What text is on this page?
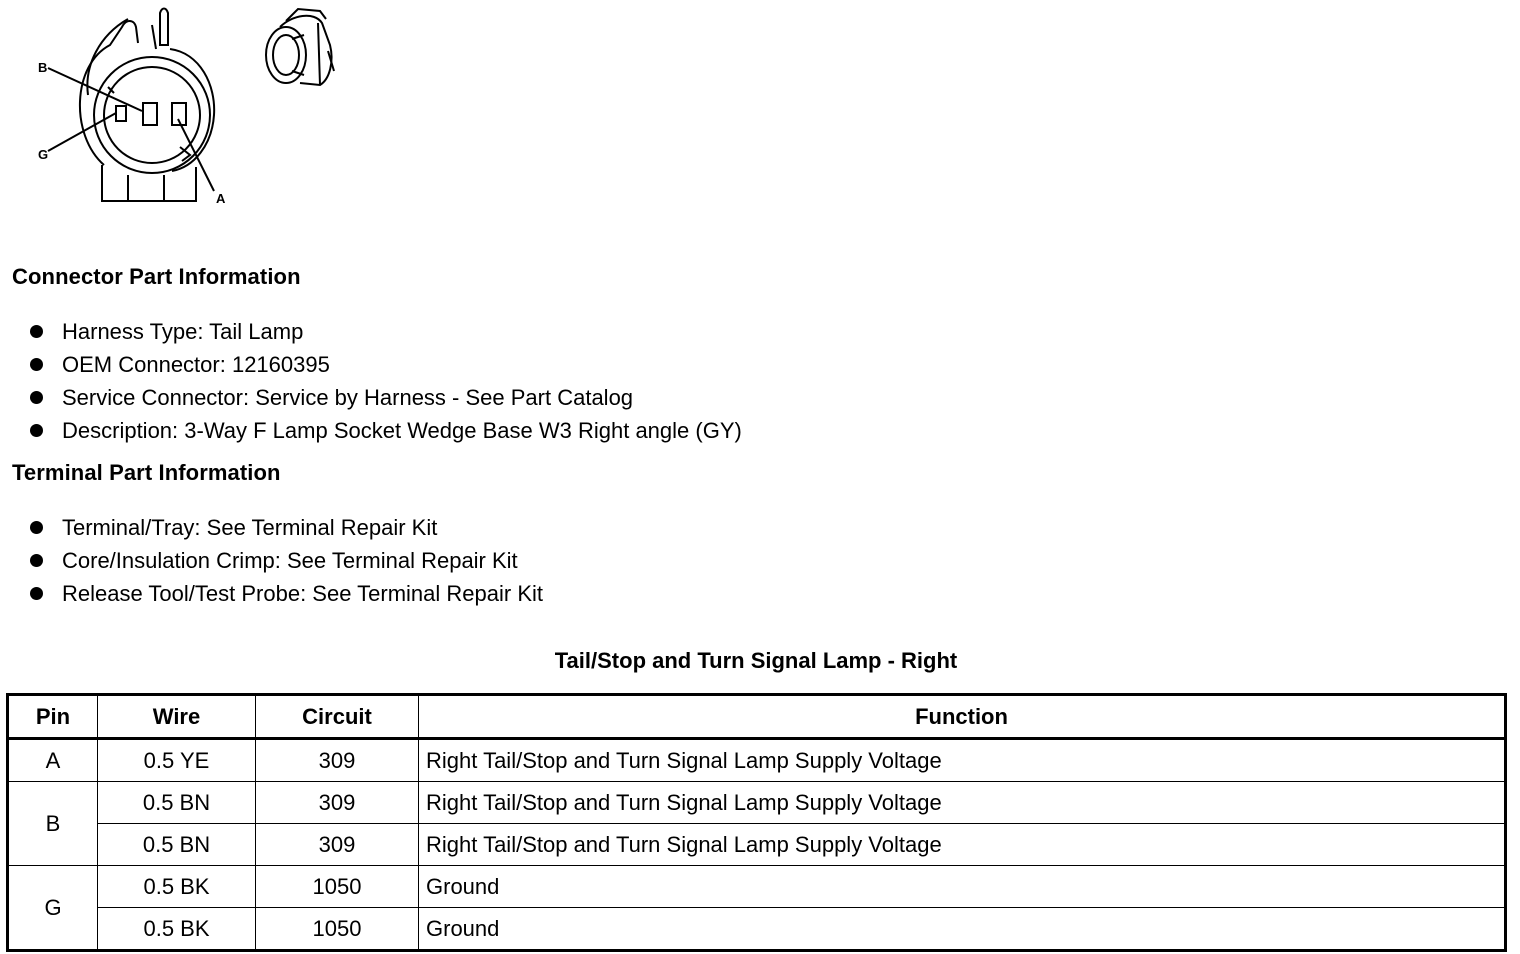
B
G
A
Connector Part Information
Harness Type: Tail Lamp
OEM Connector: 12160395
Service Connector: Service by Harness - See Part Catalog
Description: 3-Way F Lamp Socket Wedge Base W3 Right angle (GY)
Terminal Part Information
Terminal/Tray: See Terminal Repair Kit
Core/Insulation Crimp: See Terminal Repair Kit
Release Tool/Test Probe: See Terminal Repair Kit
Tail/Stop and Turn Signal Lamp - Right
Pin	Wire	Circuit	Function
A	0.5 YE	309	Right Tail/Stop and Turn Signal Lamp Supply Voltage
B	0.5 BN	309	Right Tail/Stop and Turn Signal Lamp Supply Voltage
	0.5 BN	309	Right Tail/Stop and Turn Signal Lamp Supply Voltage
G	0.5 BK	1050	Ground
	0.5 BK	1050	Ground
